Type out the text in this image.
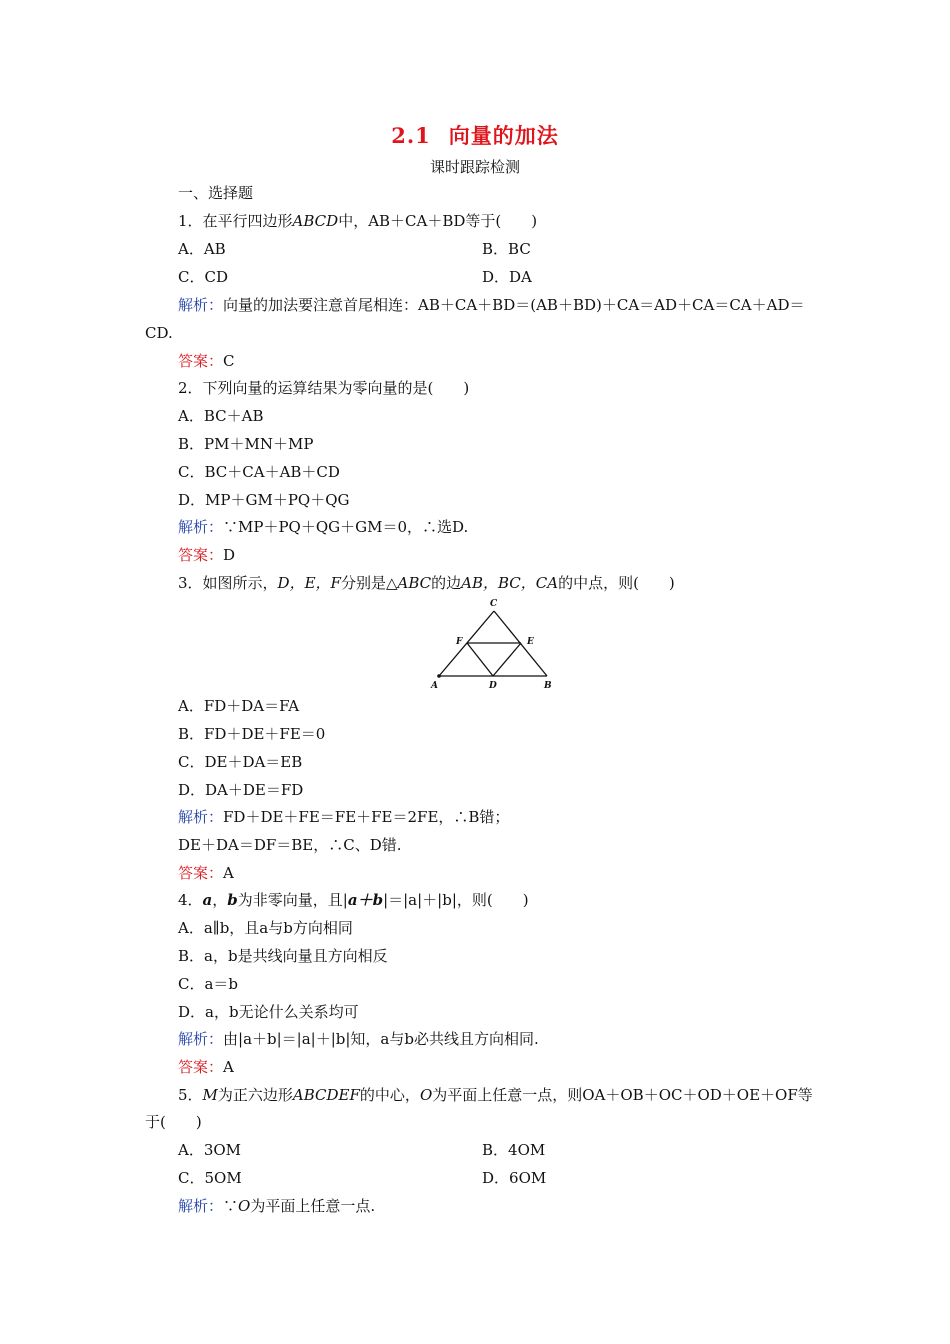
2.1 向量的加法
课时跟踪检测
一、选择题
1．在平行四边形ABCD中，AB＋CA＋BD等于(　　)
A．AB	B．BC
C．CD	D．DA
解析：向量的加法要注意首尾相连：AB＋CA＋BD＝(AB＋BD)＋CA＝AD＋CA＝CA＋AD＝
CD.
答案：C
2．下列向量的运算结果为零向量的是(　　)
A．BC＋AB
B．PM＋MN＋MP
C．BC＋CA＋AB＋CD
D．MP＋GM＋PQ＋QG
解析：∵MP＋PQ＋QG＋GM＝0，∴选D.
答案：D
3．如图所示，D，E，F分别是△ABC的边AB，BC，CA的中点，则(　　)
C
F	E
A	D	B
A．FD＋DA＝FA
B．FD＋DE＋FE＝0
C．DE＋DA＝EB
D．DA＋DE＝FD
解析：FD＋DE＋FE＝FE＋FE＝2FE，∴B错；
DE＋DA＝DF＝BE，∴C、D错.
答案：A
4．a，b为非零向量，且|a＋b|＝|a|＋|b|，则(　　)
A．a∥b，且a与b方向相同
B．a，b是共线向量且方向相反
C．a＝b
D．a，b无论什么关系均可
解析：由|a＋b|＝|a|＋|b|知，a与b必共线且方向相同.
答案：A
5．M为正六边形ABCDEF的中心，O为平面上任意一点，则OA＋OB＋OC＋OD＋OE＋OF等
于(　　)
A．3OM	B．4OM
C．5OM	D．6OM
解析：∵O为平面上任意一点.
